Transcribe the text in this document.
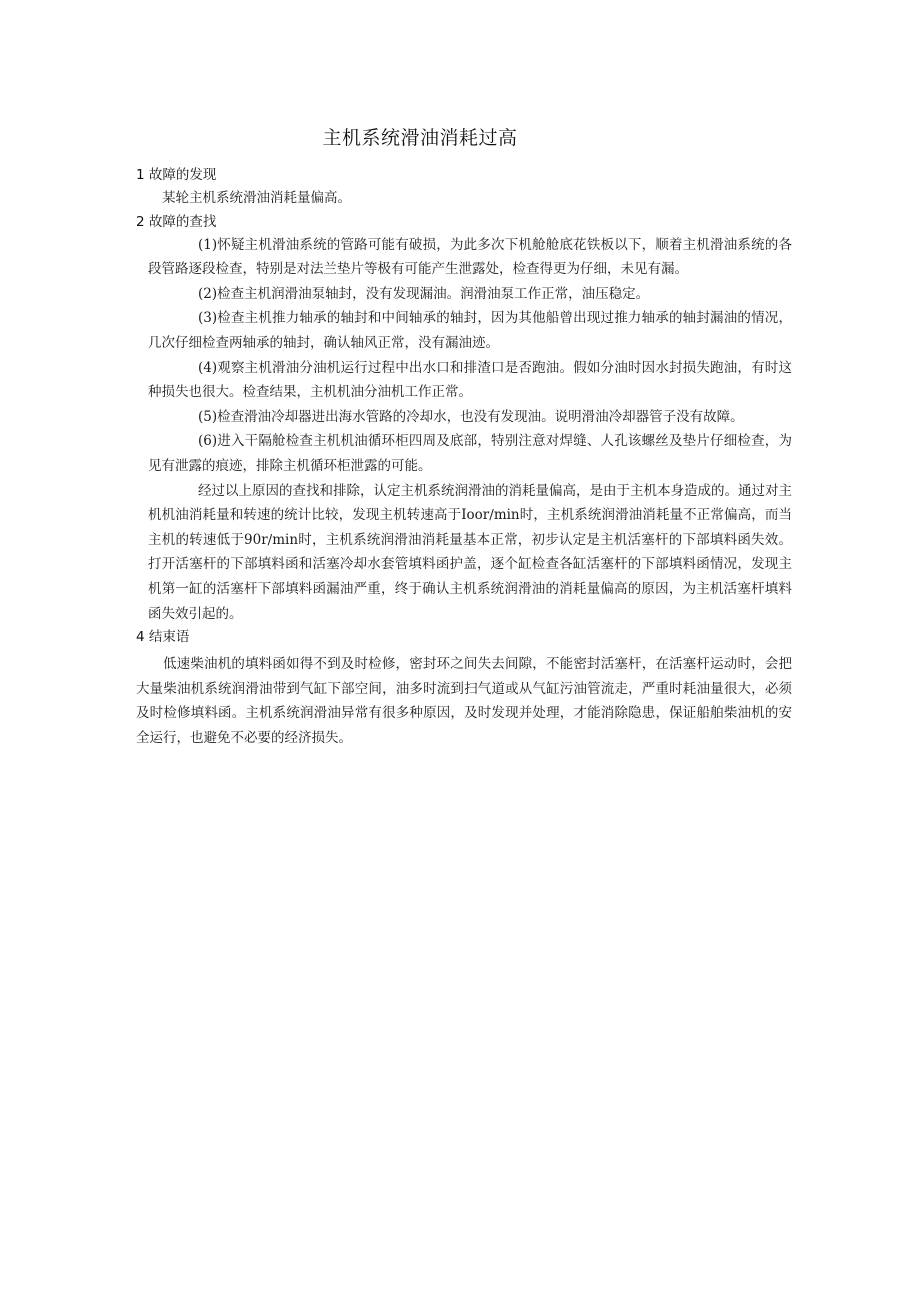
主机系统滑油消耗过高

1 故障的发现

某轮主机系统滑油消耗量偏高。

2 故障的查找

(1)怀疑主机滑油系统的管路可能有破损，为此多次下机舱舱底花铁板以下，顺着主机滑油系统的各段管路逐段检查，特别是对法兰垫片等极有可能产生泄露处，检查得更为仔细，未见有漏。

(2)检查主机润滑油泵轴封，没有发现漏油。润滑油泵工作正常，油压稳定。

(3)检查主机推力轴承的轴封和中间轴承的轴封，因为其他船曾出现过推力轴承的轴封漏油的情况，几次仔细检查两轴承的轴封，确认轴风正常，没有漏油迹。

(4)观察主机滑油分油机运行过程中出水口和排渣口是否跑油。假如分油时因水封损失跑油，有时这种损失也很大。检查结果，主机机油分油机工作正常。

(5)检查滑油冷却器进出海水管路的冷却水，也没有发现油。说明滑油冷却器管子没有故障。

(6)进入干隔舱检查主机机油循环柜四周及底部，特别注意对焊缝、人孔该螺丝及垫片仔细检查，为见有泄露的痕迹，排除主机循环柜泄露的可能。

经过以上原因的查找和排除，认定主机系统润滑油的消耗量偏高，是由于主机本身造成的。通过对主机机油消耗量和转速的统计比较，发现主机转速高于Ioor∕min时，主机系统润滑油消耗量不正常偏高，而当主机的转速低于90r∕min时，主机系统润滑油消耗量基本正常，初步认定是主机活塞杆的下部填料函失效。打开活塞杆的下部填料函和活塞冷却水套管填料函护盖，逐个缸检查各缸活塞杆的下部填料函情况，发现主机第一缸的活塞杆下部填料函漏油严重，终于确认主机系统润滑油的消耗量偏高的原因，为主机活塞杆填料函失效引起的。

4 结束语

低速柴油机的填料函如得不到及时检修，密封环之间失去间隙，不能密封活塞杆，在活塞杆运动时，会把大量柴油机系统润滑油带到气缸下部空间，油多时流到扫气道或从气缸污油管流走，严重时耗油量很大，必须及时检修填料函。主机系统润滑油异常有很多种原因，及时发现并处理，才能消除隐患，保证船舶柴油机的安全运行，也避免不必要的经济损失。
